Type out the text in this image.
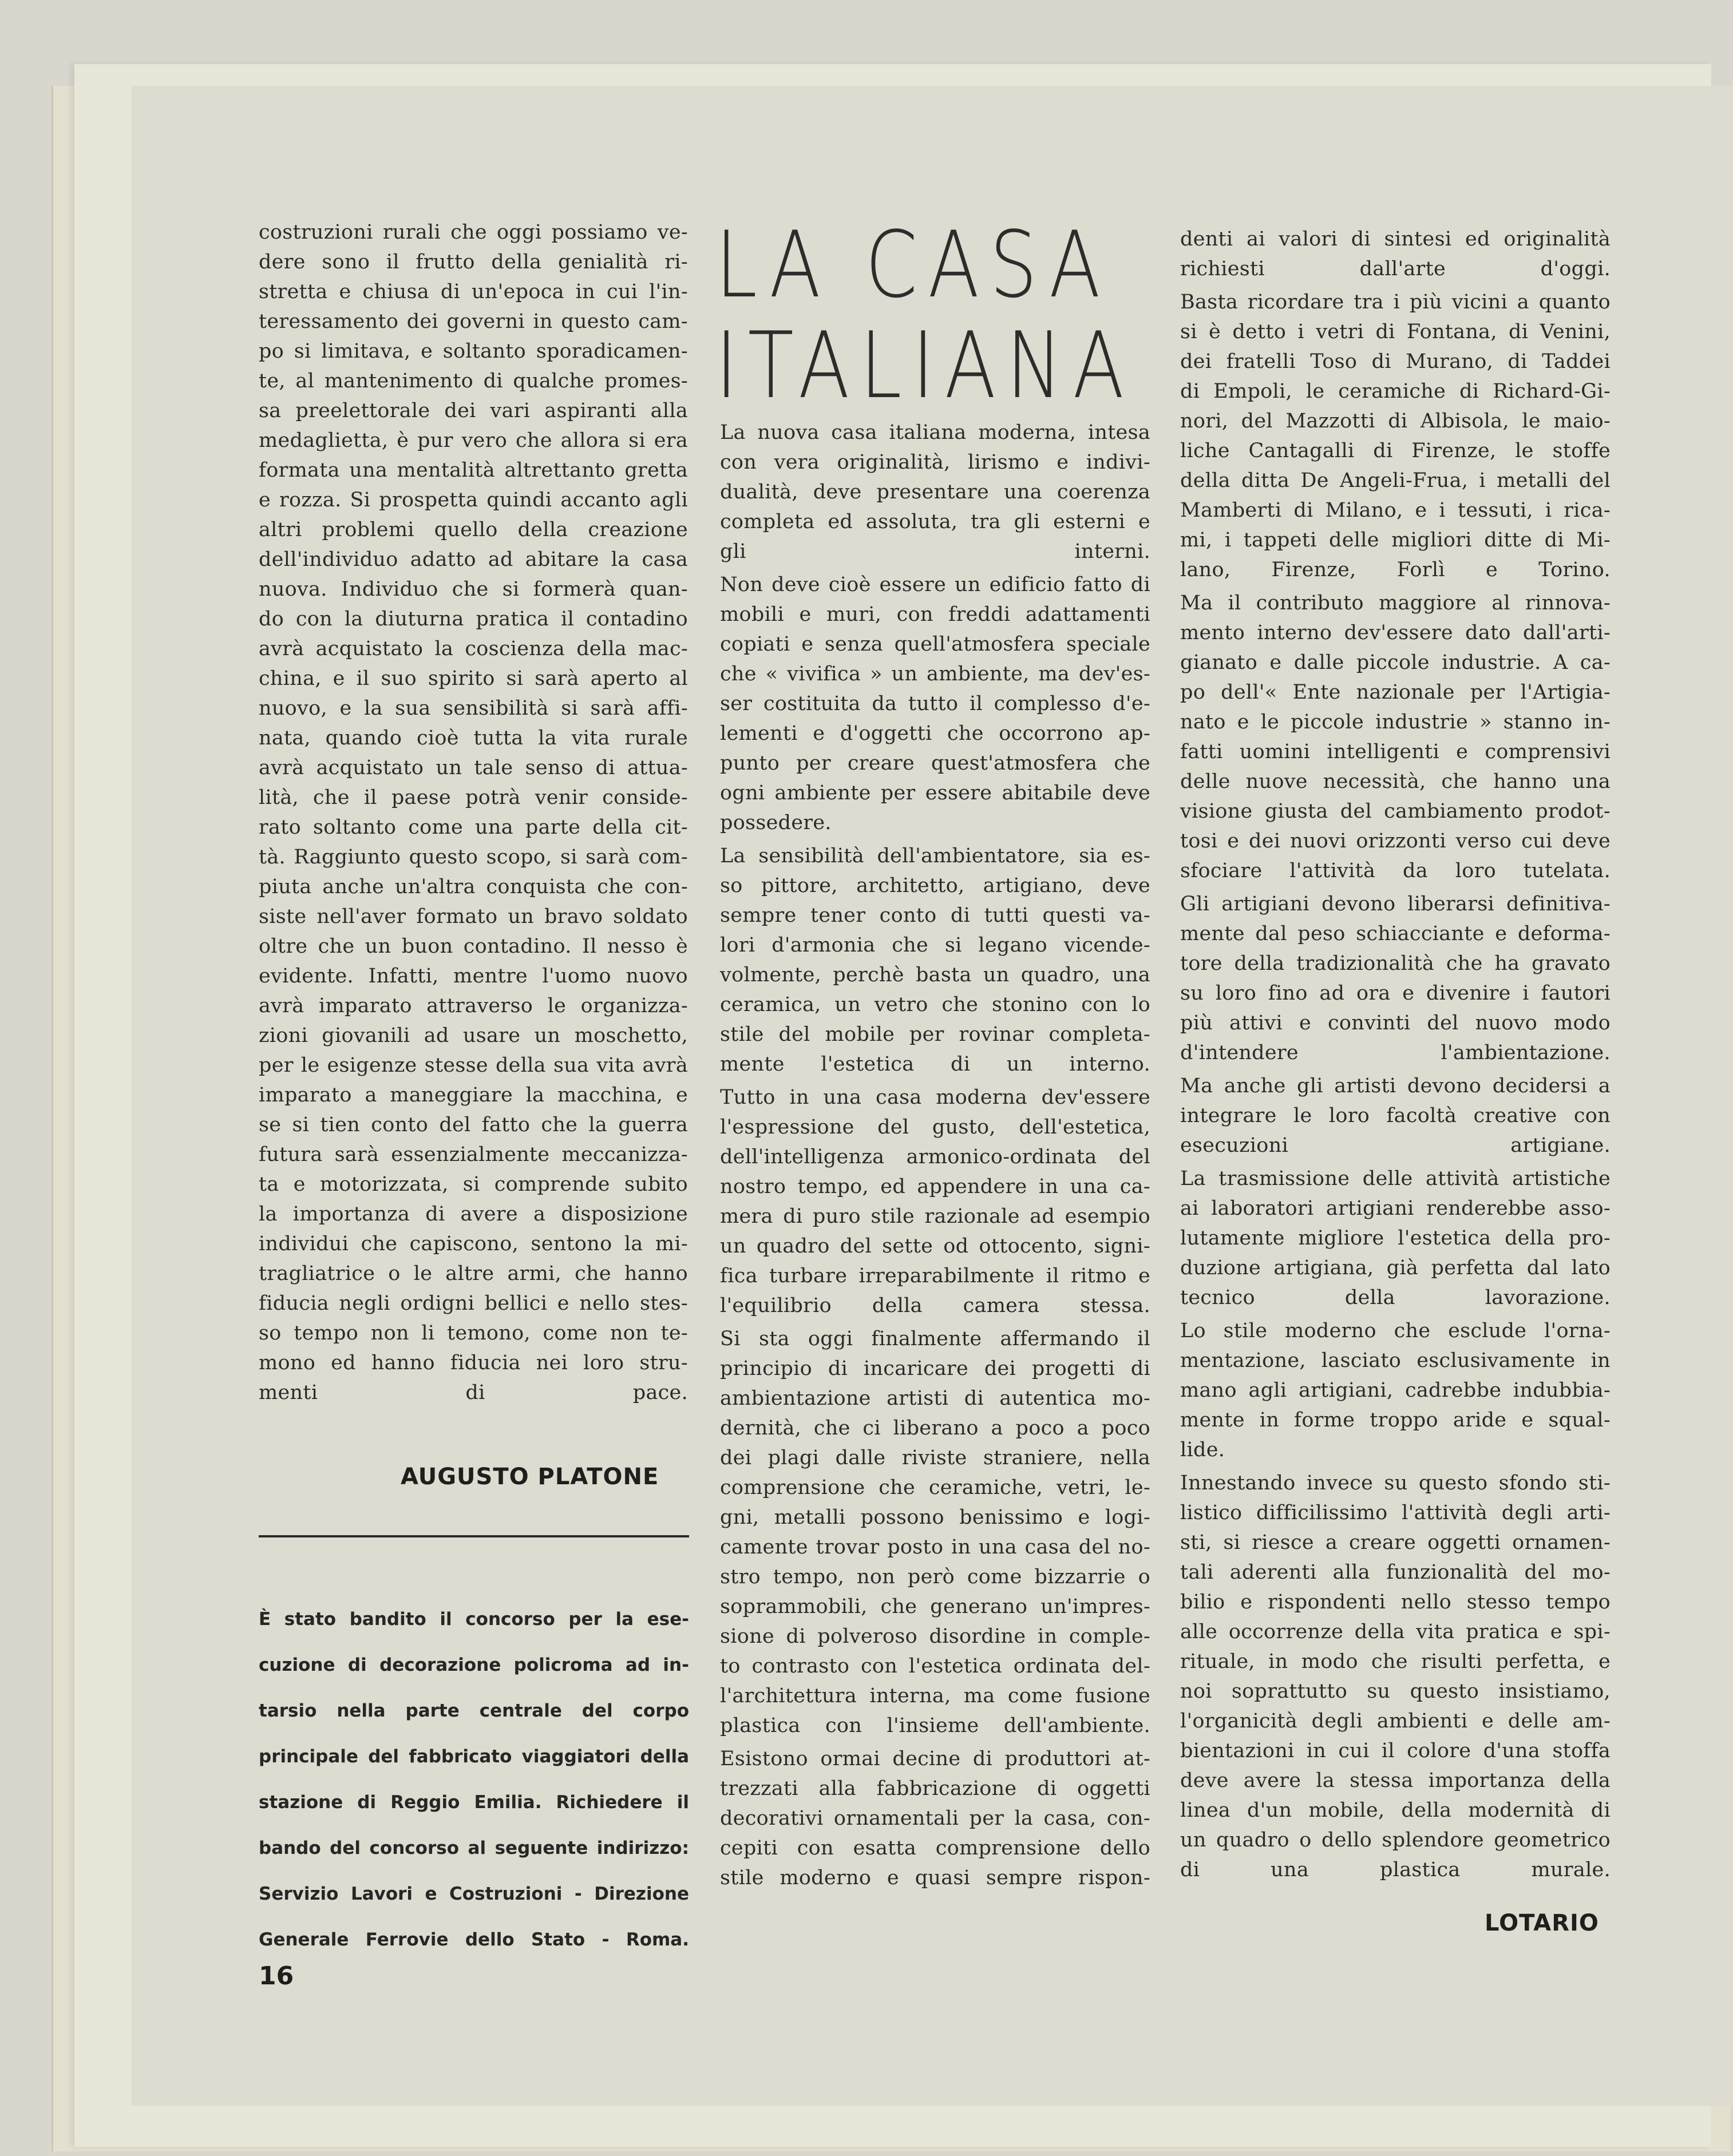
costruzioni rurali che oggi possiamo ve-
dere sono il frutto della genialità ri-
stretta e chiusa di un'epoca in cui l'in-
teressamento dei governi in questo cam-
po si limitava, e soltanto sporadicamen-
te, al mantenimento di qualche promes-
sa preelettorale dei vari aspiranti alla
medaglietta, è pur vero che allora si era
formata una mentalità altrettanto gretta
e rozza. Si prospetta quindi accanto agli
altri problemi quello della creazione
dell'individuo adatto ad abitare la casa
nuova. Individuo che si formerà quan-
do con la diuturna pratica il contadino
avrà acquistato la coscienza della mac-
china, e il suo spirito si sarà aperto al
nuovo, e la sua sensibilità si sarà affi-
nata, quando cioè tutta la vita rurale
avrà acquistato un tale senso di attua-
lità, che il paese potrà venir conside-
rato soltanto come una parte della cit-
tà. Raggiunto questo scopo, si sarà com-
piuta anche un'altra conquista che con-
siste nell'aver formato un bravo soldato
oltre che un buon contadino. Il nesso è
evidente. Infatti, mentre l'uomo nuovo
avrà imparato attraverso le organizza-
zioni giovanili ad usare un moschetto,
per le esigenze stesse della sua vita avrà
imparato a maneggiare la macchina, e
se si tien conto del fatto che la guerra
futura sarà essenzialmente meccanizza-
ta e motorizzata, si comprende subito
la importanza di avere a disposizione
individui che capiscono, sentono la mi-
tragliatrice o le altre armi, che hanno
fiducia negli ordigni bellici e nello stes-
so tempo non li temono, come non te-
mono ed hanno fiducia nei loro stru-
menti di pace.

AUGUSTO PLATONE
È stato bandito il concorso per la ese-
cuzione di decorazione policroma ad in-
tarsio nella parte centrale del corpo
principale del fabbricato viaggiatori della
stazione di Reggio Emilia. Richiedere il
bando del concorso al seguente indirizzo:
Servizio Lavori e Costruzioni - Direzione
Generale Ferrovie dello Stato - Roma.
16
LA CASA
ITALIANA

La nuova casa italiana moderna, intesa
con vera originalità, lirismo e indivi-
dualità, deve presentare una coerenza
completa ed assoluta, tra gli esterni e
gli interni.

Non deve cioè essere un edificio fatto di
mobili e muri, con freddi adattamenti
copiati e senza quell'atmosfera speciale
che « vivifica » un ambiente, ma dev'es-
ser costituita da tutto il complesso d'e-
lementi e d'oggetti che occorrono ap-
punto per creare quest'atmosfera che
ogni ambiente per essere abitabile deve
possedere.

La sensibilità dell'ambientatore, sia es-
so pittore, architetto, artigiano, deve
sempre tener conto di tutti questi va-
lori d'armonia che si legano vicende-
volmente, perchè basta un quadro, una
ceramica, un vetro che stonino con lo
stile del mobile per rovinar completa-
mente l'estetica di un interno.

Tutto in una casa moderna dev'essere
l'espressione del gusto, dell'estetica,
dell'intelligenza armonico-ordinata del
nostro tempo, ed appendere in una ca-
mera di puro stile razionale ad esempio
un quadro del sette od ottocento, signi-
fica turbare irreparabilmente il ritmo e
l'equilibrio della camera stessa.

Si sta oggi finalmente affermando il
principio di incaricare dei progetti di
ambientazione artisti di autentica mo-
dernità, che ci liberano a poco a poco
dei plagi dalle riviste straniere, nella
comprensione che ceramiche, vetri, le-
gni, metalli possono benissimo e logi-
camente trovar posto in una casa del no-
stro tempo, non però come bizzarrie o
soprammobili, che generano un'impres-
sione di polveroso disordine in comple-
to contrasto con l'estetica ordinata del-
l'architettura interna, ma come fusione
plastica con l'insieme dell'ambiente.

Esistono ormai decine di produttori at-
trezzati alla fabbricazione di oggetti
decorativi ornamentali per la casa, con-
cepiti con esatta comprensione dello
stile moderno e quasi sempre rispon-

denti ai valori di sintesi ed originalità
richiesti dall'arte d'oggi.

Basta ricordare tra i più vicini a quanto
si è detto i vetri di Fontana, di Venini,
dei fratelli Toso di Murano, di Taddei
di Empoli, le ceramiche di Richard-Gi-
nori, del Mazzotti di Albisola, le maio-
liche Cantagalli di Firenze, le stoffe
della ditta De Angeli-Frua, i metalli del
Mamberti di Milano, e i tessuti, i rica-
mi, i tappeti delle migliori ditte di Mi-
lano, Firenze, Forlì e Torino.

Ma il contributo maggiore al rinnova-
mento interno dev'essere dato dall'arti-
gianato e dalle piccole industrie. A ca-
po dell'« Ente nazionale per l'Artigia-
nato e le piccole industrie » stanno in-
fatti uomini intelligenti e comprensivi
delle nuove necessità, che hanno una
visione giusta del cambiamento prodot-
tosi e dei nuovi orizzonti verso cui deve
sfociare l'attività da loro tutelata.

Gli artigiani devono liberarsi definitiva-
mente dal peso schiacciante e deforma-
tore della tradizionalità che ha gravato
su loro fino ad ora e divenire i fautori
più attivi e convinti del nuovo modo
d'intendere l'ambientazione.

Ma anche gli artisti devono decidersi a
integrare le loro facoltà creative con
esecuzioni artigiane.

La trasmissione delle attività artistiche
ai laboratori artigiani renderebbe asso-
lutamente migliore l'estetica della pro-
duzione artigiana, già perfetta dal lato
tecnico della lavorazione.

Lo stile moderno che esclude l'orna-
mentazione, lasciato esclusivamente in
mano agli artigiani, cadrebbe indubbia-
mente in forme troppo aride e squal-
lide.

Innestando invece su questo sfondo sti-
listico difficilissimo l'attività degli arti-
sti, si riesce a creare oggetti ornamen-
tali aderenti alla funzionalità del mo-
bilio e rispondenti nello stesso tempo
alle occorrenze della vita pratica e spi-
rituale, in modo che risulti perfetta, e
noi soprattutto su questo insistiamo,
l'organicità degli ambienti e delle am-
bientazioni in cui il colore d'una stoffa
deve avere la stessa importanza della
linea d'un mobile, della modernità di
un quadro o dello splendore geometrico
di una plastica murale.

LOTARIO
